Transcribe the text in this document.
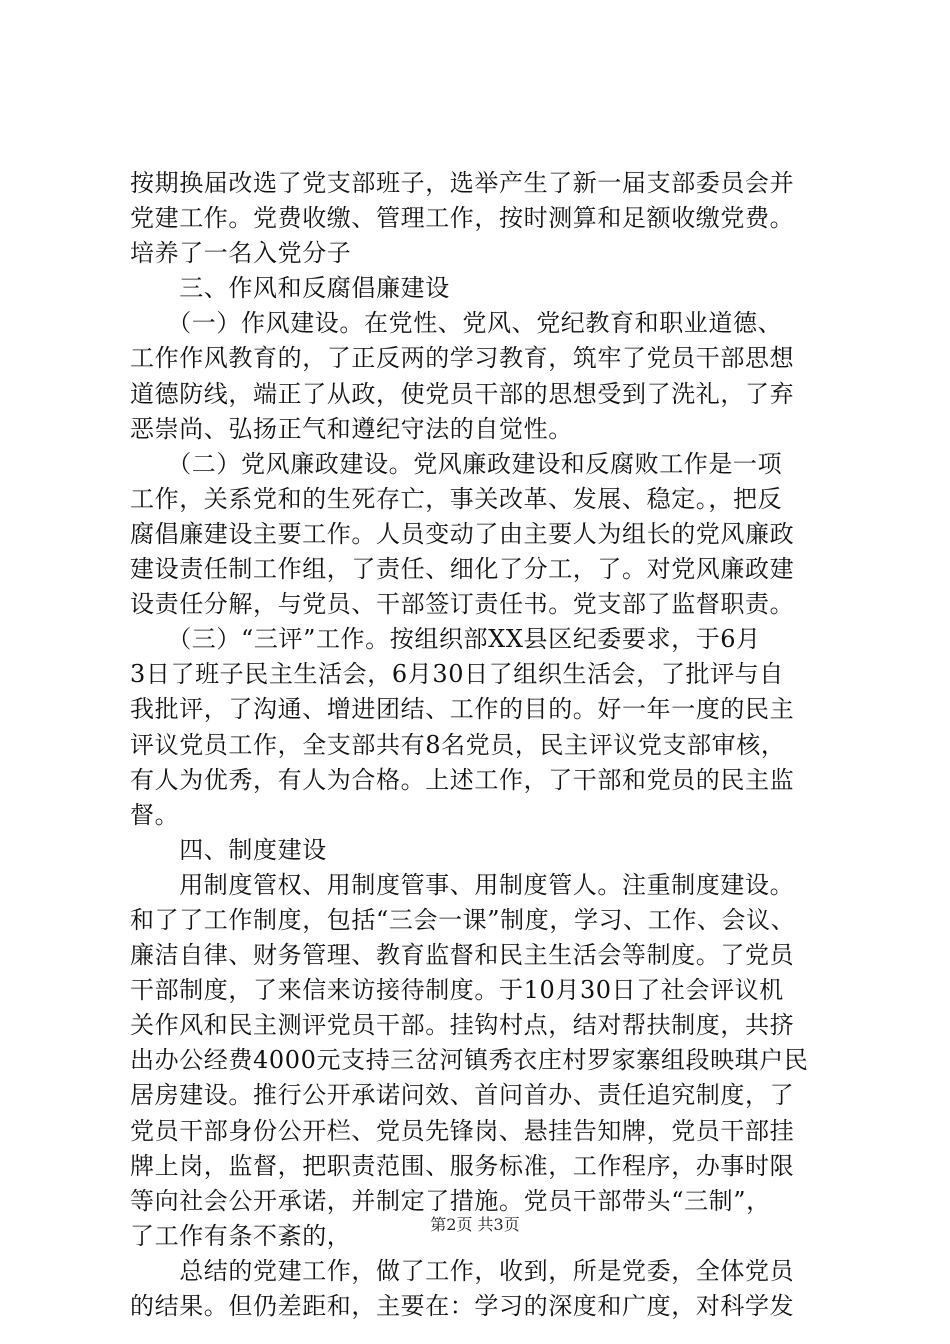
按期换届改选了党支部班子，选举产生了新一届支部委员会并
党建工作。党费收缴、管理工作，按时测算和足额收缴党费。
培养了一名入党分子
　　三、作风和反腐倡廉建设
　　（一）作风建设。在党性、党风、党纪教育和职业道德、
工作作风教育的，了正反两的学习教育，筑牢了党员干部思想
道德防线，端正了从政，使党员干部的思想受到了洗礼，了弃
恶崇尚、弘扬正气和遵纪守法的自觉性。
　　（二）党风廉政建设。党风廉政建设和反腐败工作是一项
工作，关系党和的生死存亡，事关改革、发展、稳定。，把反
腐倡廉建设主要工作。人员变动了由主要人为组长的党风廉政
建设责任制工作组，了责任、细化了分工，了。对党风廉政建
设责任分解，与党员、干部签订责任书。党支部了监督职责。
　　（三）“三评”工作。按组织部XX县区纪委要求，于6月
3日了班子民主生活会，6月30日了组织生活会，了批评与自
我批评，了沟通、增进团结、工作的目的。好一年一度的民主
评议党员工作，全支部共有8名党员，民主评议党支部审核，
有人为优秀，有人为合格。上述工作，了干部和党员的民主监
督。
　　四、制度建设
　　用制度管权、用制度管事、用制度管人。注重制度建设。
和了了工作制度，包括“三会一课”制度，学习、工作、会议、
廉洁自律、财务管理、教育监督和民主生活会等制度。了党员
干部制度，了来信来访接待制度。于10月30日了社会评议机
关作风和民主测评党员干部。挂钩村点，结对帮扶制度，共挤
出办公经费4000元支持三岔河镇秀衣庄村罗家寨组段映琪户民
居房建设。推行公开承诺问效、首问首办、责任追究制度，了
党员干部身份公开栏、党员先锋岗、悬挂告知牌，党员干部挂
牌上岗，监督，把职责范围、服务标准，工作程序，办事时限
等向社会公开承诺，并制定了措施。党员干部带头“三制”，
了工作有条不紊的，
　　总结的党建工作，做了工作，收到，所是党委，全体党员
的结果。但仍差距和，主要在：学习的深度和广度，对科学发
第2页 共3页
